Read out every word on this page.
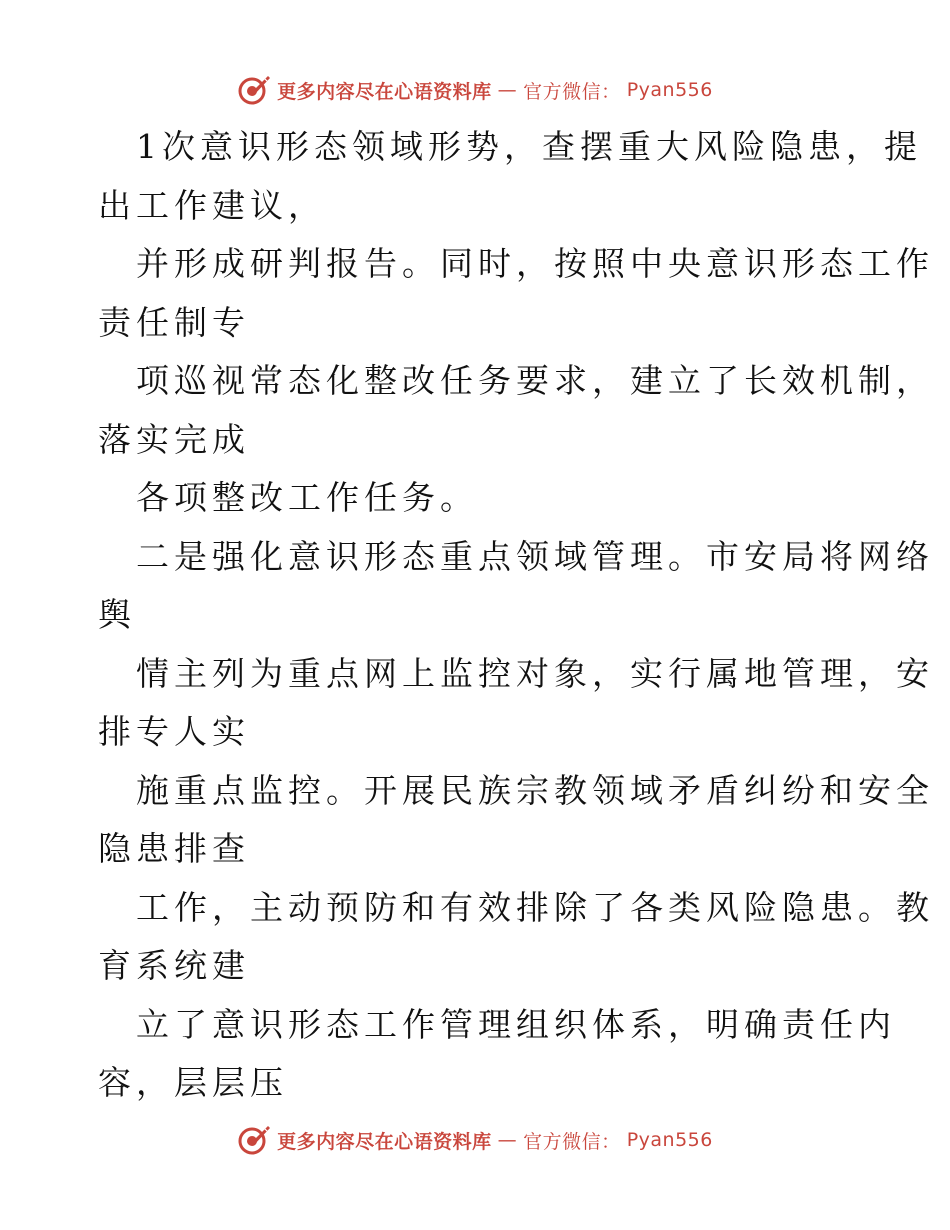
更多内容尽在心语资料库 — 官方微信： Pyan556
1次意识形态领域形势，查摆重大风险隐患，提
出工作建议，
并形成研判报告。同时，按照中央意识形态工作
责任制专
项巡视常态化整改任务要求，建立了长效机制，
落实完成
各项整改工作任务。
二是强化意识形态重点领域管理。市安局将网络
舆
情主列为重点网上监控对象，实行属地管理，安
排专人实
施重点监控。开展民族宗教领域矛盾纠纷和安全
隐患排查
工作，主动预防和有效排除了各类风险隐患。教
育系统建
立了意识形态工作管理组织体系，明确责任内
容，层层压
更多内容尽在心语资料库 — 官方微信： Pyan556
